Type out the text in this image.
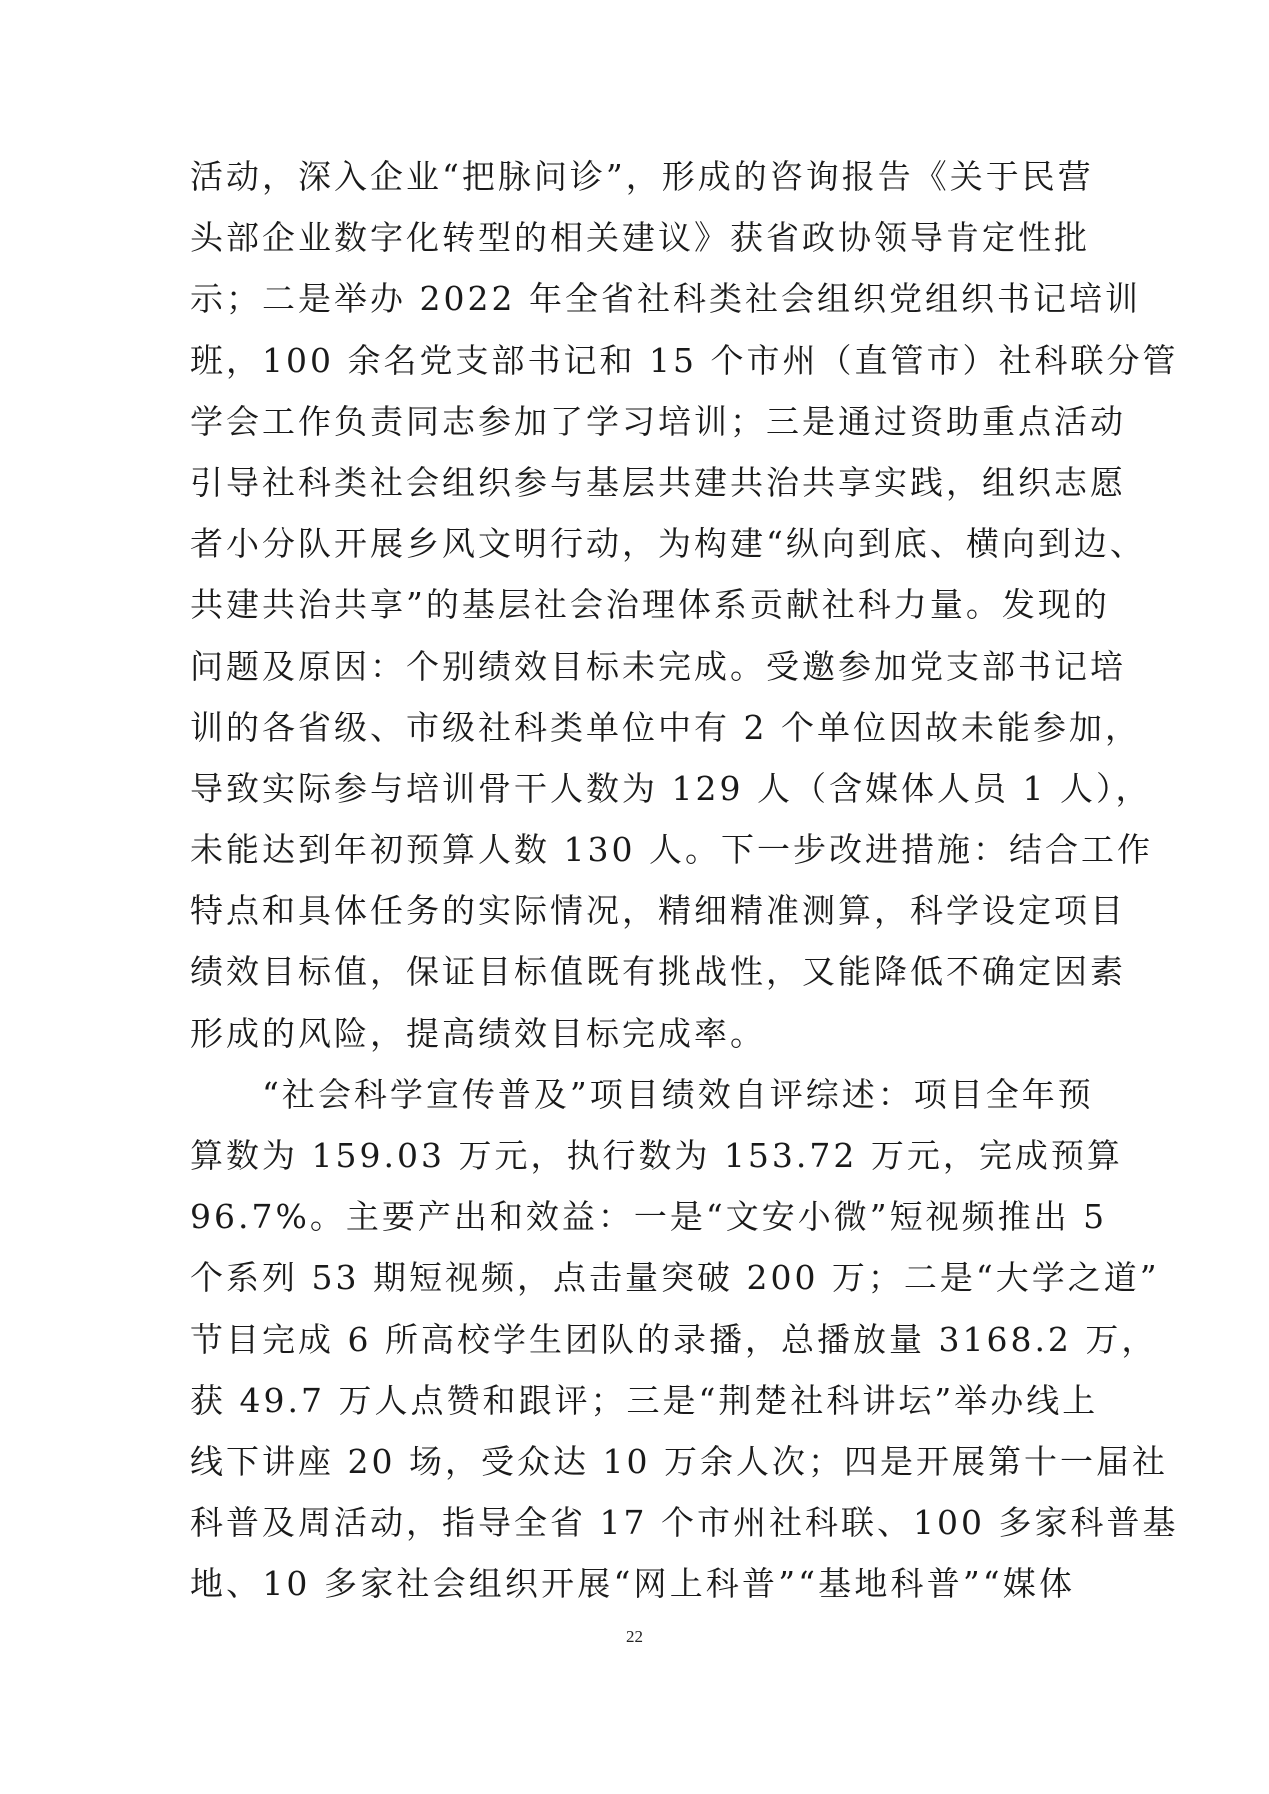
活动，深入企业“把脉问诊”，形成的咨询报告《关于民营
头部企业数字化转型的相关建议》获省政协领导肯定性批
示；二是举办 2022 年全省社科类社会组织党组织书记培训
班，100 余名党支部书记和 15 个市州（直管市）社科联分管
学会工作负责同志参加了学习培训；三是通过资助重点活动
引导社科类社会组织参与基层共建共治共享实践，组织志愿
者小分队开展乡风文明行动，为构建“纵向到底、横向到边、
共建共治共享”的基层社会治理体系贡献社科力量。发现的
问题及原因：个别绩效目标未完成。受邀参加党支部书记培
训的各省级、市级社科类单位中有 2 个单位因故未能参加，
导致实际参与培训骨干人数为 129 人（含媒体人员 1 人），
未能达到年初预算人数 130 人。下一步改进措施：结合工作
特点和具体任务的实际情况，精细精准测算，科学设定项目
绩效目标值，保证目标值既有挑战性，又能降低不确定因素
形成的风险，提高绩效目标完成率。
“社会科学宣传普及”项目绩效自评综述：项目全年预
算数为 159.03 万元，执行数为 153.72 万元，完成预算
96.7%。主要产出和效益：一是“文安小微”短视频推出 5
个系列 53 期短视频，点击量突破 200 万；二是“大学之道”
节目完成 6 所高校学生团队的录播，总播放量 3168.2 万，
获 49.7 万人点赞和跟评；三是“荆楚社科讲坛”举办线上
线下讲座 20 场，受众达 10 万余人次；四是开展第十一届社
科普及周活动，指导全省 17 个市州社科联、100 多家科普基
地、10 多家社会组织开展“网上科普”“基地科普”“媒体
22
